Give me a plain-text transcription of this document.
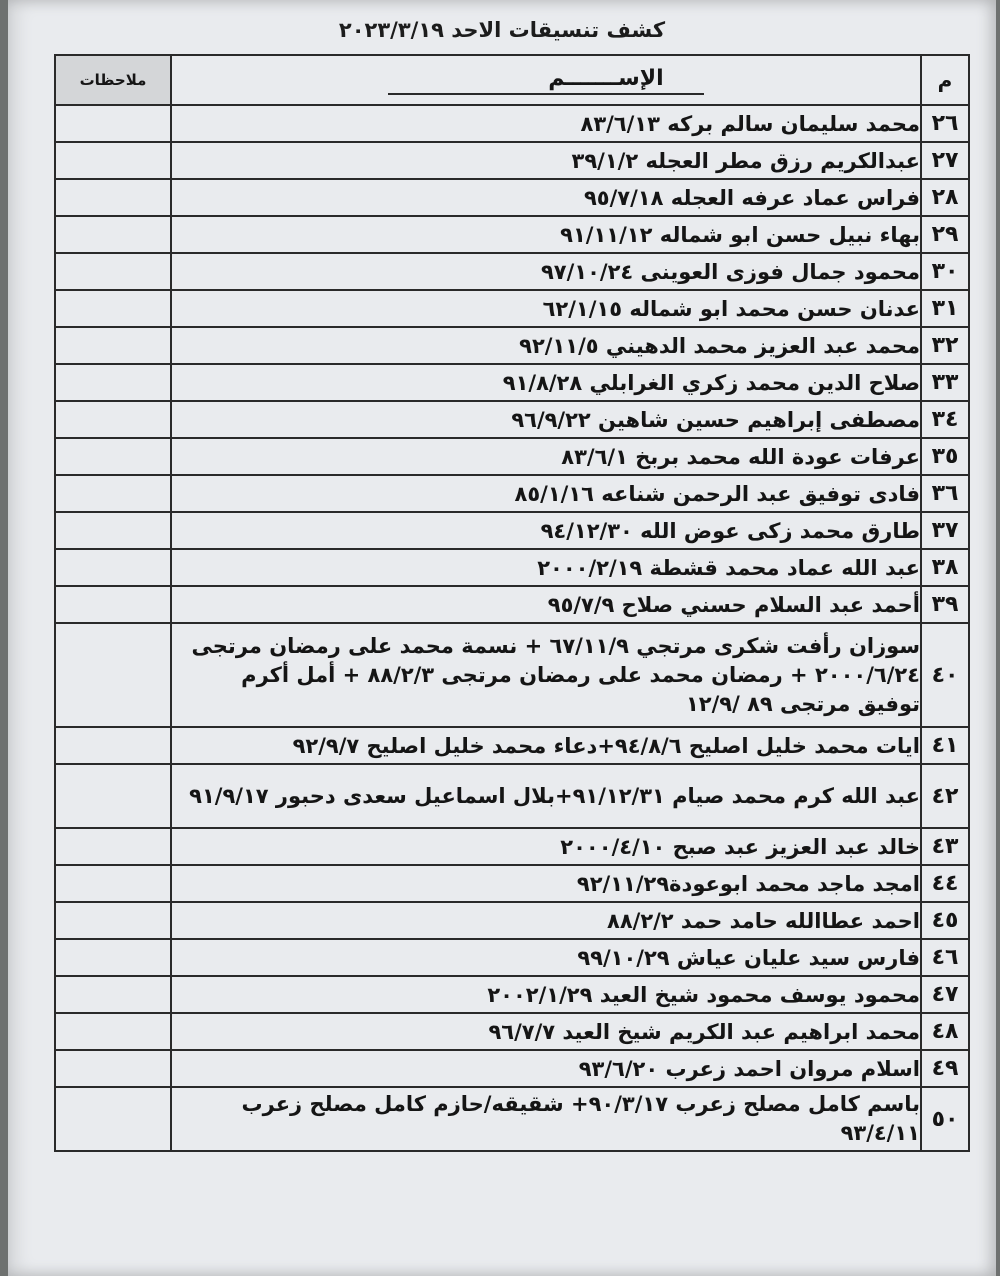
كشف تنسيقات الاحد ٢٠٢٣/٣/١٩
م	الإســـــــم	ملاحظات
٢٦	محمد سليمان سالم بركه ٨٣/٦/١٣	
٢٧	عبدالكريم رزق مطر العجله ٣٩/١/٢	
٢٨	فراس عماد عرفه العجله ٩٥/٧/١٨	
٢٩	بهاء نبيل حسن ابو شماله ٩١/١١/١٢	
٣٠	محمود جمال فوزى العوينى ٩٧/١٠/٢٤	
٣١	عدنان حسن محمد ابو شماله ٦٢/١/١٥	
٣٢	محمد عبد العزيز محمد الدهيني ٩٢/١١/٥	
٣٣	صلاح الدين محمد زكري الغرابلي ٩١/٨/٢٨	
٣٤	مصطفى إبراهيم حسين شاهين ٩٦/٩/٢٢	
٣٥	عرفات عودة الله محمد بربخ ٨٣/٦/١	
٣٦	فادى توفيق عبد الرحمن شناعه ٨٥/١/١٦	
٣٧	طارق محمد زكى عوض الله ٩٤/١٢/٣٠	
٣٨	عبد الله عماد محمد قشطة ٢٠٠٠/٢/١٩	
٣٩	أحمد عبد السلام حسني صلاح ٩٥/٧/٩	
٤٠	سوزان رأفت شكرى مرتجي ٦٧/١١/٩ + نسمة محمد على رمضان مرتجى ٢٠٠٠/٦/٢٤ + رمضان محمد على رمضان مرتجى ٨٨/٢/٣ + أمل أكرم توفيق مرتجى ٨٩ /١٢/٩	
٤١	ايات محمد خليل اصليح ٩٤/٨/٦+دعاء محمد خليل اصليح ٩٢/٩/٧	
٤٢	عبد الله كرم محمد صيام ٩١/١٢/٣١+بلال اسماعيل سعدى دحبور ٩١/٩/١٧	
٤٣	خالد عبد العزيز عبد صبح ٢٠٠٠/٤/١٠	
٤٤	امجد ماجد محمد ابوعودة٩٢/١١/٢٩	
٤٥	احمد عطاالله حامد حمد ٨٨/٢/٢	
٤٦	فارس سيد عليان عياش ٩٩/١٠/٢٩	
٤٧	محمود يوسف محمود شيخ العيد ٢٠٠٢/١/٢٩	
٤٨	محمد ابراهيم عبد الكريم شيخ العيد ٩٦/٧/٧	
٤٩	اسلام مروان احمد زعرب ٩٣/٦/٢٠	
٥٠	باسم كامل مصلح زعرب ٩٠/٣/١٧+ شقيقه/حازم كامل مصلح زعرب ٩٣/٤/١١	
